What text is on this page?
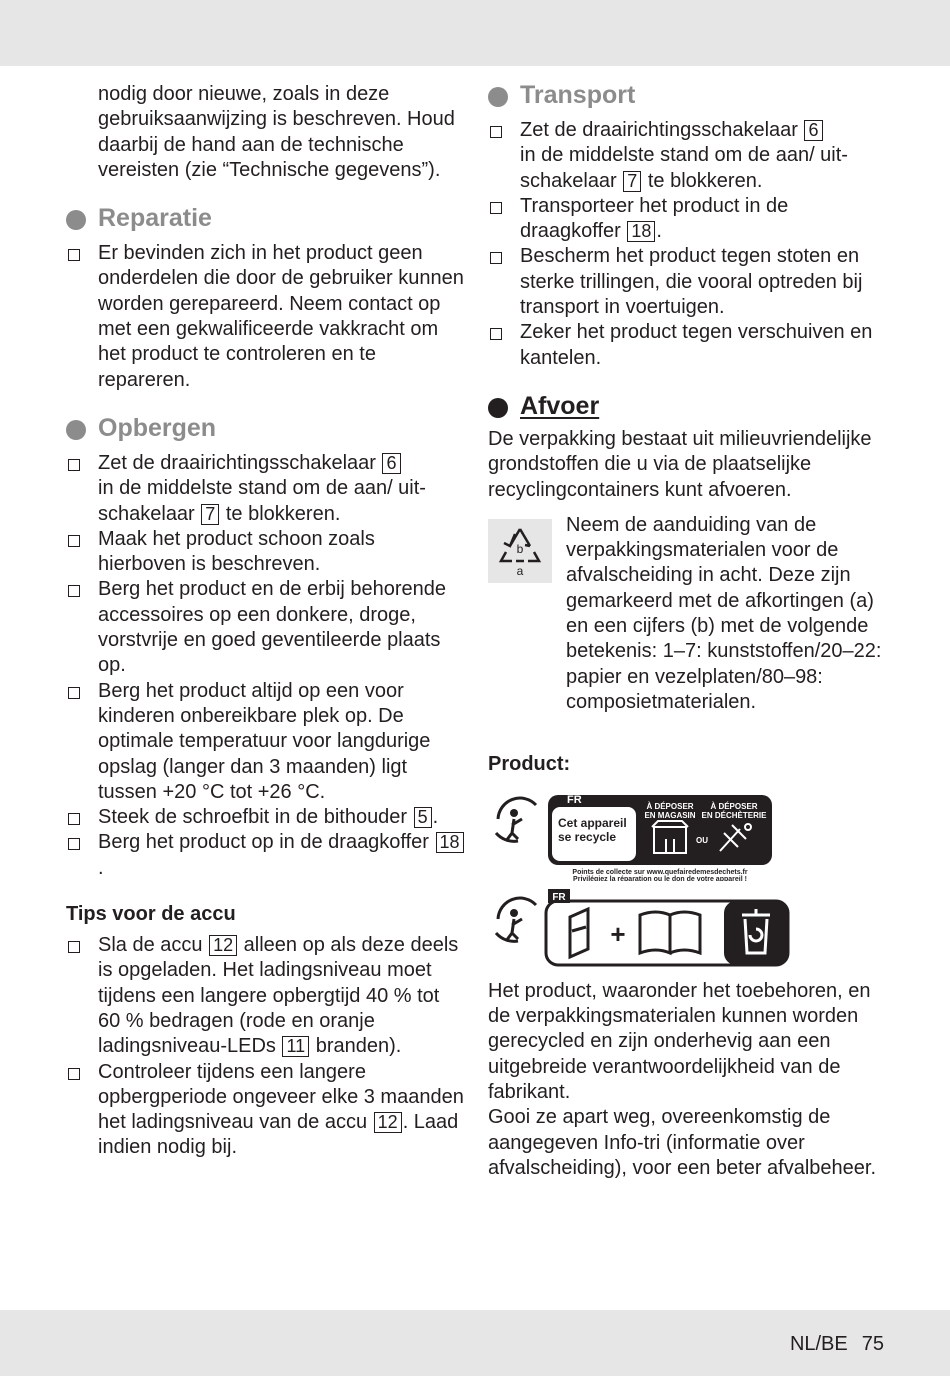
nodig door nieuwe, zoals in deze gebruiksaanwijzing is beschreven. Houd daarbij de hand aan de technische vereisten (zie “Technische gegevens”).

Reparatie
Er bevinden zich in het product geen onderdelen die door de gebruiker kunnen worden gerepareerd. Neem contact op met een gekwalificeerde vakkracht om het product te controleren en te repareren.
Opbergen
Zet de draairichtingsschakelaar 6
in de middelste stand om de aan/ uit-schakelaar 7 te blokkeren.
Maak het product schoon zoals hierboven is beschreven.
Berg het product en de erbij behorende accessoires op een donkere, droge, vorstvrije en goed geventileerde plaats op.
Berg het product altijd op een voor kinderen onbereikbare plek op. De optimale temperatuur voor langdurige opslag (langer dan 3 maanden) ligt tussen +20 °C tot +26 °C.
Steek de schroefbit in de bithouder 5 .
Berg het product op in de draagkoffer 18.

Tips voor de accu

Sla de accu 12 alleen op als deze deels is opgeladen. Het ladingsniveau moet tijdens een langere opbergtijd 40 % tot 60 % bedragen (rode en oranje ladingsniveau-LEDs 11 branden).
Controleer tijdens een langere opbergperiode ongeveer elke 3 maanden het ladingsniveau van de accu 12 . Laad indien nodig bij.
Transport
Zet de draairichtingsschakelaar 6
in de middelste stand om de aan/ uit-schakelaar 7 te blokkeren.
Transporteer het product in de draagkoffer 18 .
Bescherm het product tegen stoten en sterke trillingen, die vooral optreden bij transport in voertuigen.
Zeker het product tegen verschuiven en kantelen.
Afvoer

De verpakking bestaat uit milieuvriendelijke grondstoffen die u via de plaatselijke recyclingcontainers kunt afvoeren.

b
a
Neem de aanduiding van de verpakkingsmaterialen voor de afvalscheiding in acht. Deze zijn gemarkeerd met de afkortingen (a) en een cijfers (b) met de volgende betekenis: 1–7: kunststoffen/20–22: papier en vezelplaten/80–98: composietmaterialen.

Product:

FR
Cet appareil
se recycle
À DÉPOSER
EN MAGASIN
À DÉPOSER
EN DÉCHÈTERIE
OU
Points de collecte sur www.quefairedemesdechets.fr
Privilégiez la réparation ou le don de votre appareil !
FR
+

Het product, waaronder het toebehoren, en de verpakkingsmaterialen kunnen worden gerecycled en zijn onderhevig aan een uitgebreide verantwoordelijkheid van de fabrikant.

Gooi ze apart weg, overeenkomstig de aangegeven Info-tri (informatie over afvalscheiding), voor een beter afvalbeheer.

NL/BE 75
